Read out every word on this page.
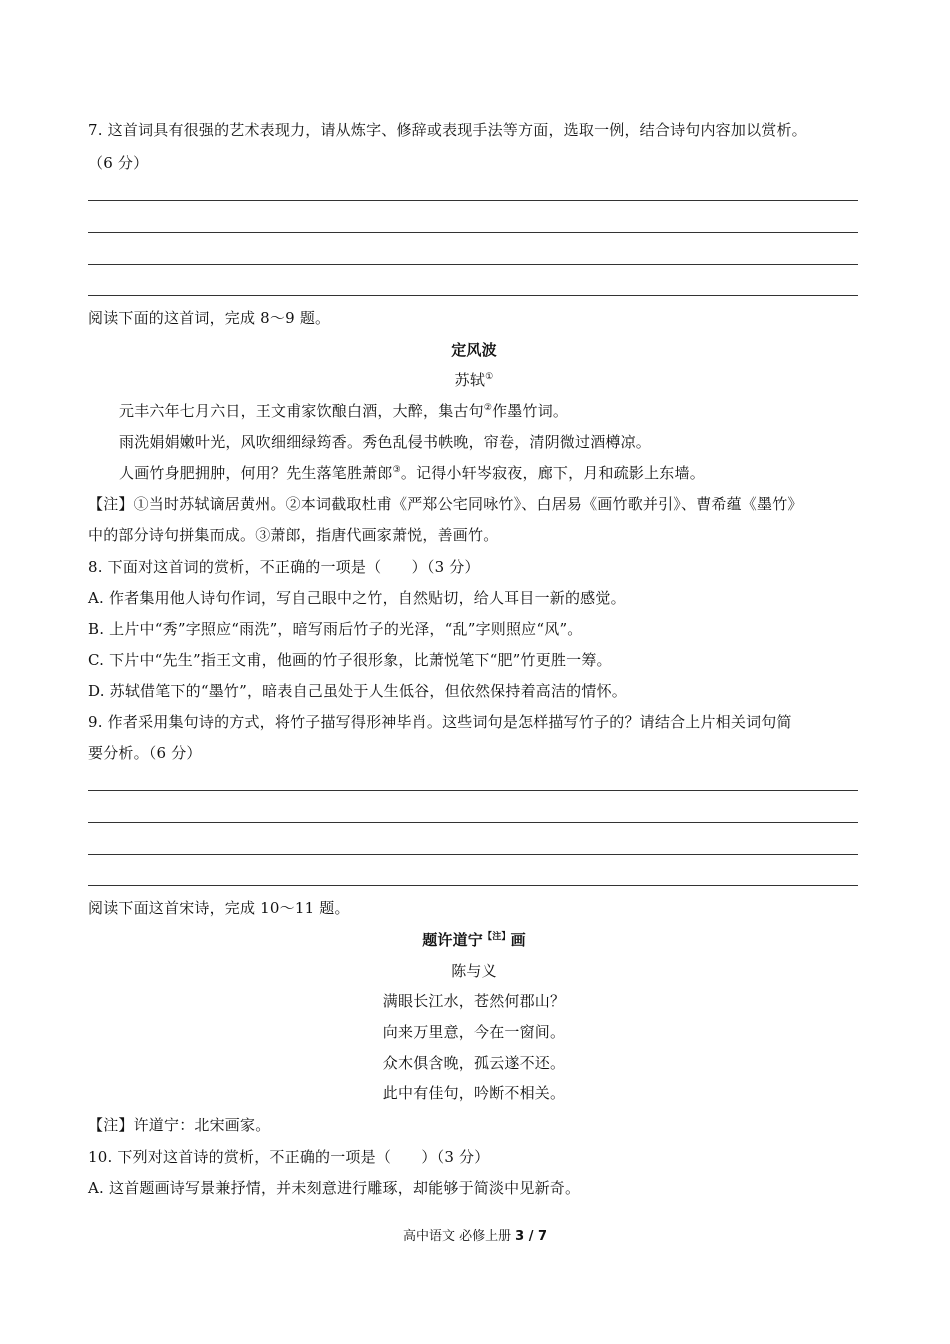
7. 这首词具有很强的艺术表现力，请从炼字、修辞或表现手法等方面，选取一例，结合诗句内容加以赏析。
（6 分）
阅读下面的这首词，完成 8～9 题。
定风波
苏轼①
元丰六年七月六日，王文甫家饮酿白酒，大醉，集古句②作墨竹词。
雨洗娟娟嫩叶光，风吹细细绿筠香。秀色乱侵书帙晚，帘卷，清阴微过酒樽凉。
人画竹身肥拥肿，何用？先生落笔胜萧郎③。记得小轩岑寂夜，廊下，月和疏影上东墙。
【注】①当时苏轼谪居黄州。②本词截取杜甫《严郑公宅同咏竹》、白居易《画竹歌并引》、曹希蕴《墨竹》
中的部分诗句拼集而成。③萧郎，指唐代画家萧悦，善画竹。
8. 下面对这首词的赏析，不正确的一项是（　　）（3 分）
A. 作者集用他人诗句作词，写自己眼中之竹，自然贴切，给人耳目一新的感觉。
B. 上片中“秀”字照应“雨洗”，暗写雨后竹子的光泽，“乱”字则照应“风”。
C. 下片中“先生”指王文甫，他画的竹子很形象，比萧悦笔下“肥”竹更胜一筹。
D. 苏轼借笔下的“墨竹”，暗表自己虽处于人生低谷，但依然保持着高洁的情怀。
9. 作者采用集句诗的方式，将竹子描写得形神毕肖。这些词句是怎样描写竹子的？请结合上片相关词句简
要分析。（6 分）
阅读下面这首宋诗，完成 10～11 题。
题许道宁$^{【注】}$画
陈与义
满眼长江水，苍然何郡山？
向来万里意，今在一窗间。
众木俱含晚，孤云遂不还。
此中有佳句，吟断不相关。
【注】许道宁：北宋画家。
10. 下列对这首诗的赏析，不正确的一项是（　　）（3 分）
A. 这首题画诗写景兼抒情，并未刻意进行雕琢，却能够于简淡中见新奇。
高中语文 必修上册 3 / 7
